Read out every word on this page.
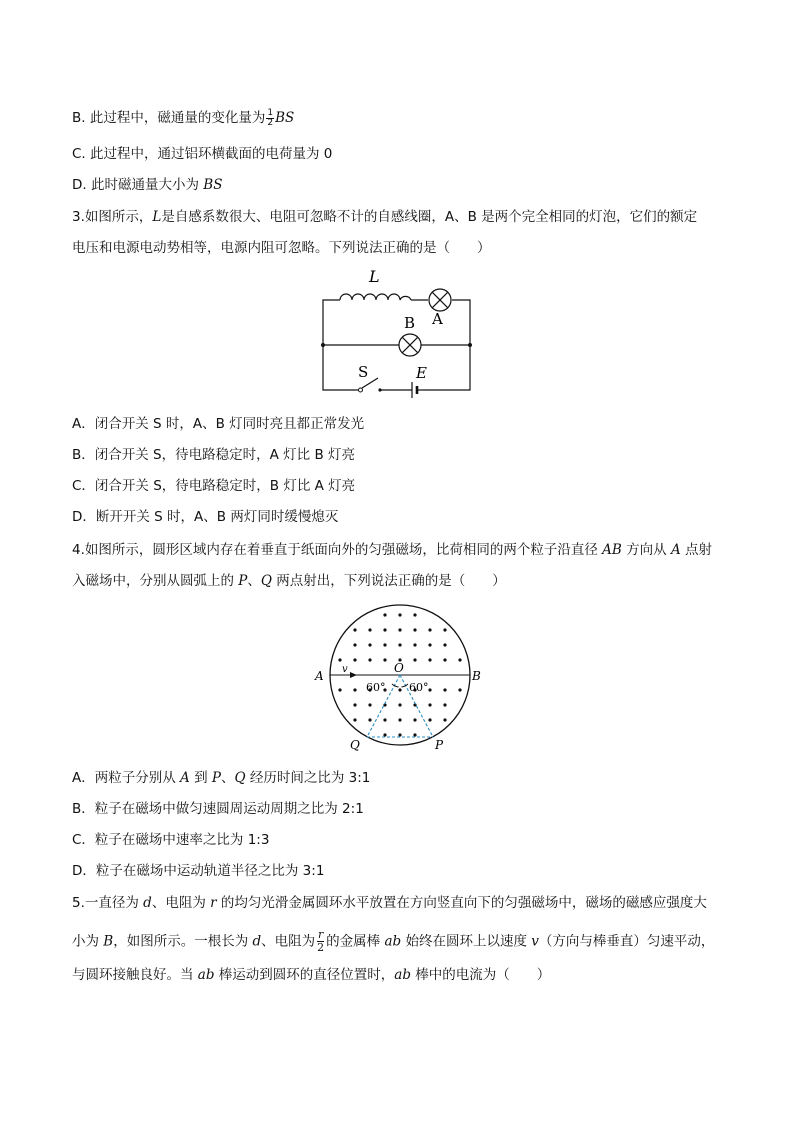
B. 此过程中，磁通量的变化量为 $\frac{1}{2}$ BS
C. 此过程中，通过铝环横截面的电荷量为 0
D. 此时磁通量大小为 BS
3.如图所示，L是自感系数很大、电阻可忽略不计的自感线圈，A、B 是两个完全相同的灯泡，它们的额定
电压和电源电动势相等，电源内阻可忽略。下列说法正确的是（　　）
L
A
B
S	E
A．闭合开关 S 时，A、B 灯同时亮且都正常发光
B．闭合开关 S，待电路稳定时，A 灯比 B 灯亮
C．闭合开关 S，待电路稳定时，B 灯比 A 灯亮
D．断开开关 S 时，A、B 两灯同时缓慢熄灭
4.如图所示，圆形区域内存在着垂直于纸面向外的匀强磁场，比荷相同的两个粒子沿直径 AB 方向从 A 点射
入磁场中，分别从圆弧上的 P、Q 两点射出，下列说法正确的是（　　）
A	B
O
v
60° 60°
Q	P
A．两粒子分别从 A 到 P、Q 经历时间之比为 3:1
B．粒子在磁场中做匀速圆周运动周期之比为 2:1
C．粒子在磁场中速率之比为 1:3
D．粒子在磁场中运动轨道半径之比为 3:1
5.一直径为 d、电阻为 r 的均匀光滑金属圆环水平放置在方向竖直向下的匀强磁场中，磁场的磁感应强度大
小为 B，如图所示。一根长为 d、电阻为 $\frac{r}{2}$ 的金属棒 ab 始终在圆环上以速度 v（方向与棒垂直）匀速平动，
与圆环接触良好。当 ab 棒运动到圆环的直径位置时，ab 棒中的电流为（　　）
